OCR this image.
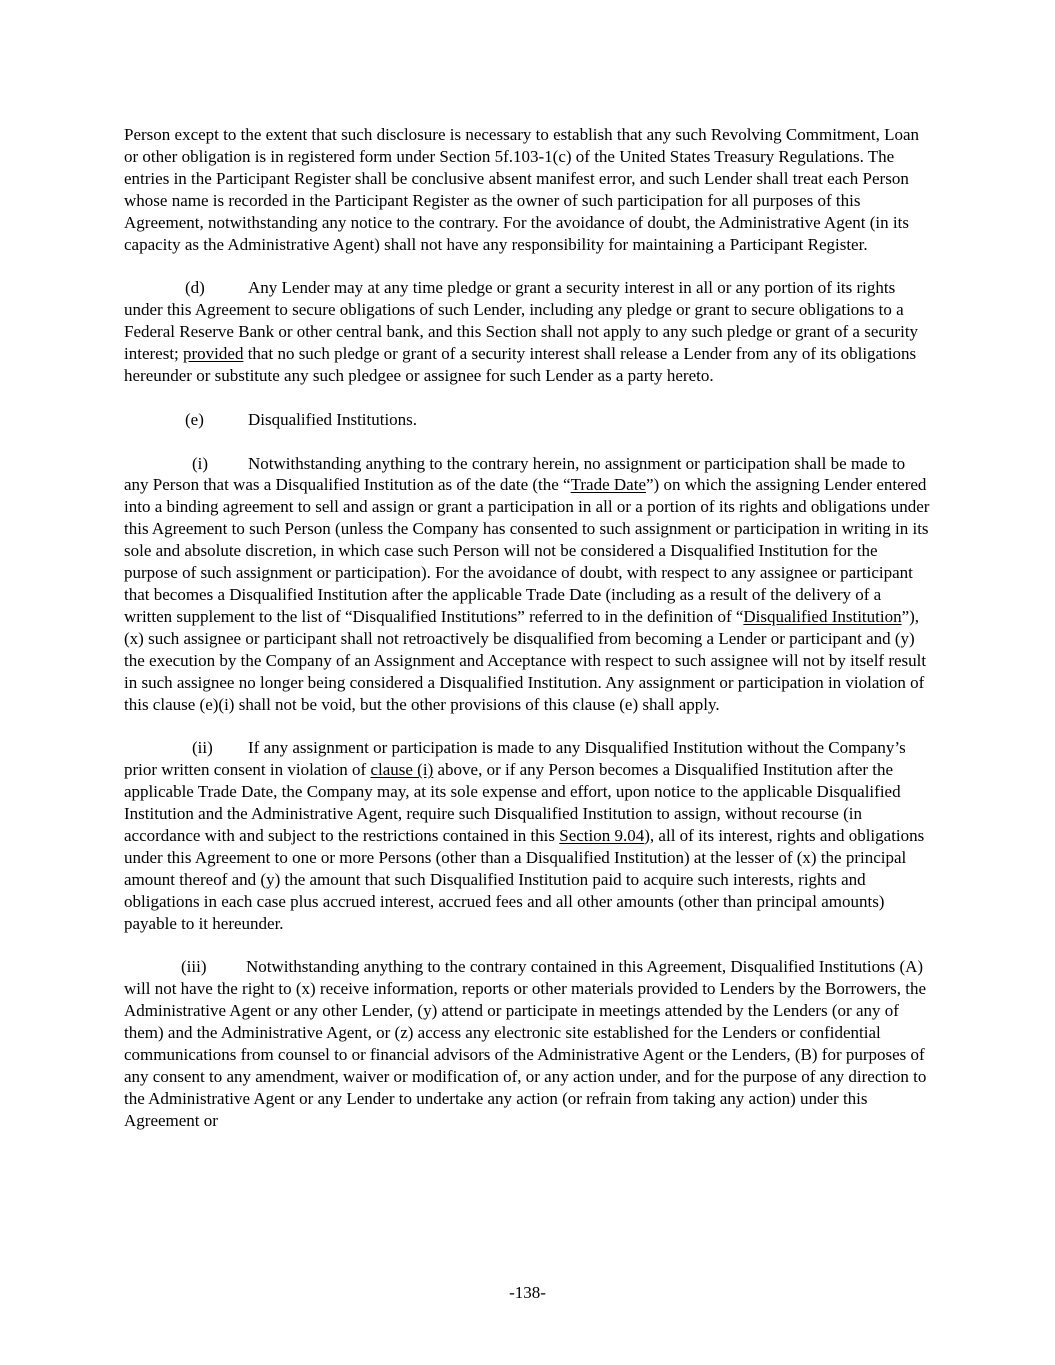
Person except to the extent that such disclosure is necessary to establish that any such Revolving Commitment, Loan or other obligation is in registered form under Section 5f.103-1(c) of the United States Treasury Regulations. The entries in the Participant Register shall be conclusive absent manifest error, and such Lender shall treat each Person whose name is recorded in the Participant Register as the owner of such participation for all purposes of this Agreement, notwithstanding any notice to the contrary. For the avoidance of doubt, the Administrative Agent (in its capacity as the Administrative Agent) shall not have any responsibility for maintaining a Participant Register.

(d)	Any Lender may at any time pledge or grant a security interest in all or any portion of its rights under this Agreement to secure obligations of such Lender, including any pledge or grant to secure obligations to a Federal Reserve Bank or other central bank, and this Section shall not apply to any such pledge or grant of a security interest; provided that no such pledge or grant of a security interest shall release a Lender from any of its obligations hereunder or substitute any such pledgee or assignee for such Lender as a party hereto.

(e)	Disqualified Institutions.

(i) Notwithstanding anything to the contrary herein, no assignment or participation shall be made to any Person that was a Disqualified Institution as of the date (the “Trade Date”) on which the assigning Lender entered into a binding agreement to sell and assign or grant a participation in all or a portion of its rights and obligations under this Agreement to such Person (unless the Company has consented to such assignment or participation in writing in its sole and absolute discretion, in which case such Person will not be considered a Disqualified Institution for the purpose of such assignment or participation). For the avoidance of doubt, with respect to any assignee or participant that becomes a Disqualified Institution after the applicable Trade Date (including as a result of the delivery of a written supplement to the list of “Disqualified Institutions” referred to in the definition of “Disqualified Institution”), (x) such assignee or participant shall not retroactively be disqualified from becoming a Lender or participant and (y) the execution by the Company of an Assignment and Acceptance with respect to such assignee will not by itself result in such assignee no longer being considered a Disqualified Institution. Any assignment or participation in violation of this clause (e)(i) shall not be void, but the other provisions of this clause (e) shall apply.

(ii) If any assignment or participation is made to any Disqualified Institution without the Company’s prior written consent in violation of clause (i) above, or if any Person becomes a Disqualified Institution after the applicable Trade Date, the Company may, at its sole expense and effort, upon notice to the applicable Disqualified Institution and the Administrative Agent, require such Disqualified Institution to assign, without recourse (in accordance with and subject to the restrictions contained in this Section 9.04), all of its interest, rights and obligations under this Agreement to one or more Persons (other than a Disqualified Institution) at the lesser of (x) the principal amount thereof and (y) the amount that such Disqualified Institution paid to acquire such interests, rights and obligations in each case plus accrued interest, accrued fees and all other amounts (other than principal amounts) payable to it hereunder.

(iii) Notwithstanding anything to the contrary contained in this Agreement, Disqualified Institutions (A) will not have the right to (x) receive information, reports or other materials provided to Lenders by the Borrowers, the Administrative Agent or any other Lender, (y) attend or participate in meetings attended by the Lenders (or any of them) and the Administrative Agent, or (z) access any electronic site established for the Lenders or confidential communications from counsel to or financial advisors of the Administrative Agent or the Lenders, (B) for purposes of any consent to any amendment, waiver or modification of, or any action under, and for the purpose of any direction to the Administrative Agent or any Lender to undertake any action (or refrain from taking any action) under this Agreement or

-138-
